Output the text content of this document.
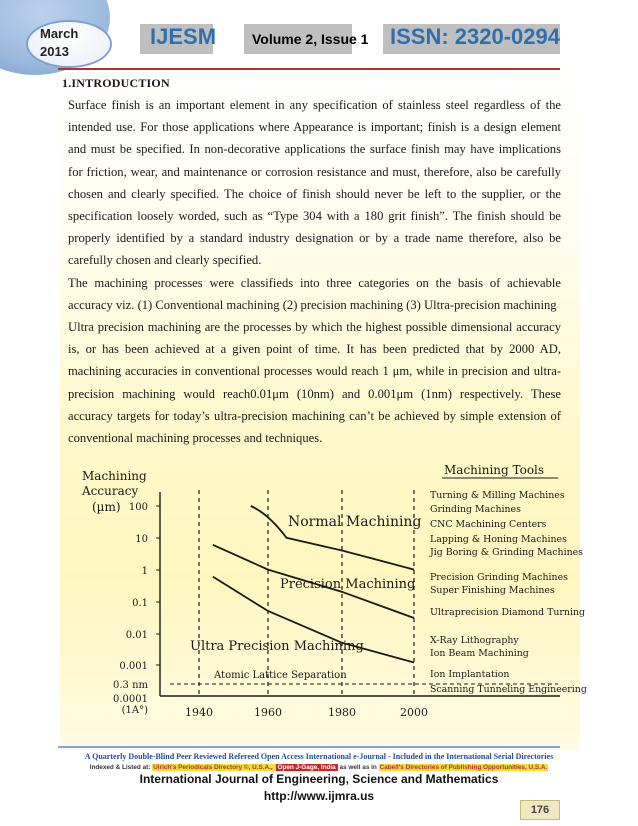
March
2013
IJESM	Volume 2, Issue 1 ISSN: 2320-0294
1.INTRODUCTION

Surface finish is an important element in any specification of stainless steel regardless of the intended use. For those applications where Appearance is important; finish is a design element and must be specified. In non-decorative applications the surface finish may have implications for friction, wear, and maintenance or corrosion resistance and must, therefore, also be carefully chosen and clearly specified. The choice of finish should never be left to the supplier, or the specification loosely worded, such as “Type 304 with a 180 grit finish”. The finish should be properly identified by a standard industry designation or by a trade name therefore, also be carefully chosen and clearly specified.

The machining processes were classifieds into three categories on the basis of achievable accuracy viz. (1) Conventional machining (2) precision machining (3) Ultra-precision machining

Ultra precision machining are the processes by which the highest possible dimensional accuracy is, or has been achieved at a given point of time. It has been predicted that by 2000 AD, machining accuracies in conventional processes would reach 1 μm, while in precision and ultra-precision machining would reach0.01μm (10nm) and 0.001μm (1nm) respectively. These accuracy targets for today’s ultra-precision machining can’t be achieved by simple extension of conventional machining processes and techniques.

Machining
Accuracy
(µm)
Machining Tools
100
10
1
0.1
0.01
0.001
0.3 nm
0.0001
(1A°)	1940	1960	1980	2000
Normal Machining
Precision Machining
Ultra Precision Machining
Atomic Lattice Separation
Turning & Milling Machines
Grinding Machines
CNC Machining Centers
Lapping & Honing Machines
Jig Boring & Grinding Machines
Precision Grinding Machines
Super Finishing Machines
Ultraprecision Diamond Turning
X-Ray Lithography
Ion Beam Machining
Ion Implantation
Scanning Tunneling Engineering
A Quarterly Double-Blind Peer Reviewed Refereed Open Access International e-Journal - Included in the International Serial Directories
Indexed & Listed at: Ulrich's Periodicals Directory ©, U.S.A., Open J-Gage, India as well as in Cabell's Directories of Publishing Opportunities, U.S.A.
International Journal of Engineering, Science and Mathematics
http://www.ijmra.us
176
